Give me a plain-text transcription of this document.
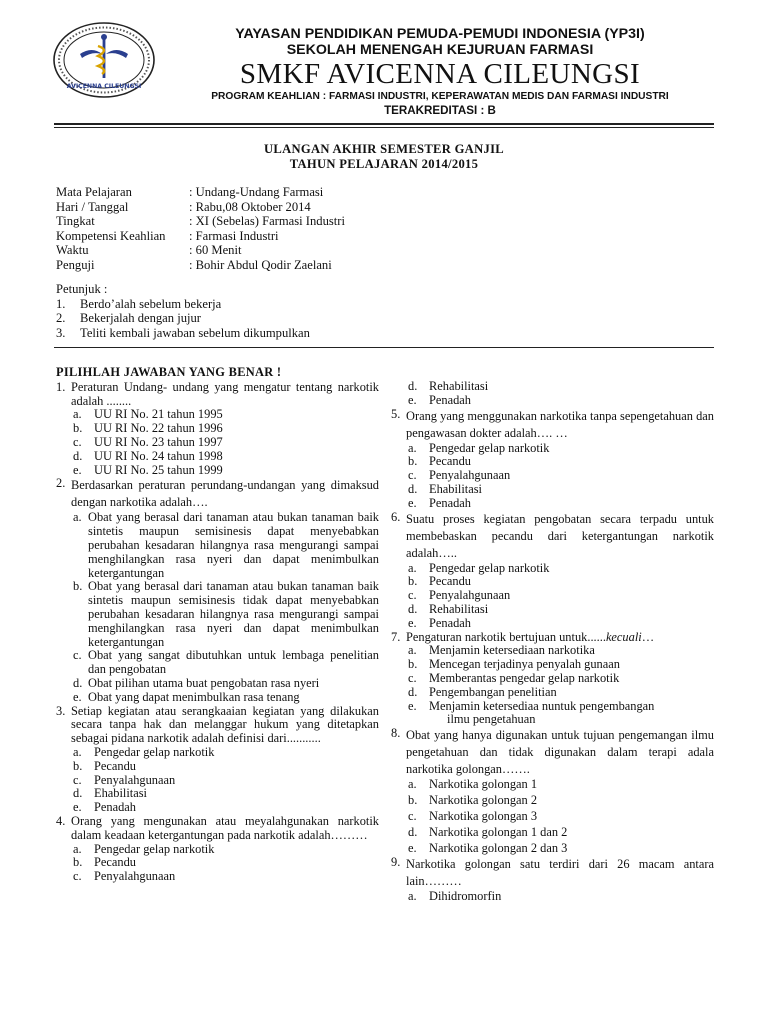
AVICENNA CILEUNGSI
YAYASAN PENDIDIKAN PEMUDA-PEMUDI INDONESIA (YP3I)
SEKOLAH MENENGAH KEJURUAN FARMASI
SMKF AVICENNA CILEUNGSI
PROGRAM KEAHLIAN : FARMASI INDUSTRI, KEPERAWATAN MEDIS DAN FARMASI INDUSTRI
TERAKREDITASI : B
ULANGAN AKHIR SEMESTER GANJIL
TAHUN PELAJARAN 2014/2015
Mata Pelajaran	: Undang-Undang Farmasi
Hari / Tanggal	: Rabu,08 Oktober 2014
Tingkat	: XI (Sebelas) Farmasi Industri
Kompetensi Keahlian	: Farmasi Industri
Waktu	: 60 Menit
Penguji	: Bohir Abdul Qodir Zaelani
Petunjuk :
1.	Berdo’alah sebelum bekerja
2.	Bekerjalah dengan jujur
3.	Teliti kembali jawaban sebelum dikumpulkan
PILIHLAH JAWABAN YANG BENAR !
1. Peraturan Undang- undang yang mengatur tentang narkotik adalah ........
a. UU RI No. 21 tahun 1995
b. UU RI No. 22 tahun 1996
c. UU RI No. 23 tahun 1997
d. UU RI No. 24 tahun 1998
e. UU RI No. 25 tahun 1999
2. Berdasarkan peraturan perundang-undangan yang dimaksud dengan narkotika adalah….
a. Obat yang berasal dari tanaman atau bukan tanaman baik sintetis maupun semisinesis dapat menyebabkan perubahan kesadaran hilangnya rasa mengurangi sampai menghilangkan rasa nyeri dan dapat menimbulkan ketergantungan
b. Obat yang berasal dari tanaman atau bukan tanaman baik sintetis maupun semisinesis tidak dapat menyebabkan perubahan kesadaran hilangnya rasa mengurangi sampai menghilangkan rasa nyeri dan dapat menimbulkan ketergantungan
c. Obat yang sangat dibutuhkan untuk lembaga penelitian dan pengobatan
d. Obat pilihan utama buat pengobatan rasa nyeri
e. Obat yang dapat menimbulkan rasa tenang
3. Setiap kegiatan atau serangkaaian kegiatan yang dilakukan secara tanpa hak dan melanggar hukum yang ditetapkan sebagai pidana narkotik adalah definisi dari...........
a. Pengedar gelap narkotik
b. Pecandu
c. Penyalahgunaan
d. Ehabilitasi
e. Penadah
4. Orang yang mengunakan atau meyalahgunakan narkotik dalam keadaan ketergantungan pada narkotik adalah………
a. Pengedar gelap narkotik
b. Pecandu
c. Penyalahgunaan
d. Rehabilitasi
e. Penadah
5. Orang yang menggunakan narkotika tanpa sepengetahuan dan pengawasan dokter adalah…. …
a. Pengedar gelap narkotik
b. Pecandu
c. Penyalahgunaan
d. Ehabilitasi
e. Penadah
6. Suatu proses kegiatan pengobatan secara terpadu untuk membebaskan pecandu dari ketergantungan narkotik adalah…..
a. Pengedar gelap narkotik
b. Pecandu
c. Penyalahgunaan
d. Rehabilitasi
e. Penadah
7. Pengaturan narkotik bertujuan untuk......kecuali…
a. Menjamin ketersediaan narkotika
b. Mencegan terjadinya penyalah gunaan
c. Memberantas pengedar gelap narkotik
d. Pengembangan penelitian
e. Menjamin ketersediaa nuntuk pengembangan
ilmu pengetahuan
8. Obat yang hanya digunakan untuk tujuan pengemangan ilmu pengetahuan dan tidak digunakan dalam terapi adala narkotika golongan…….
a. Narkotika golongan 1
b. Narkotika golongan 2
c. Narkotika golongan 3
d. Narkotika golongan 1 dan 2
e. Narkotika golongan 2 dan 3
9. Narkotika golongan satu terdiri dari 26 macam antara lain………
a. Dihidromorfin
